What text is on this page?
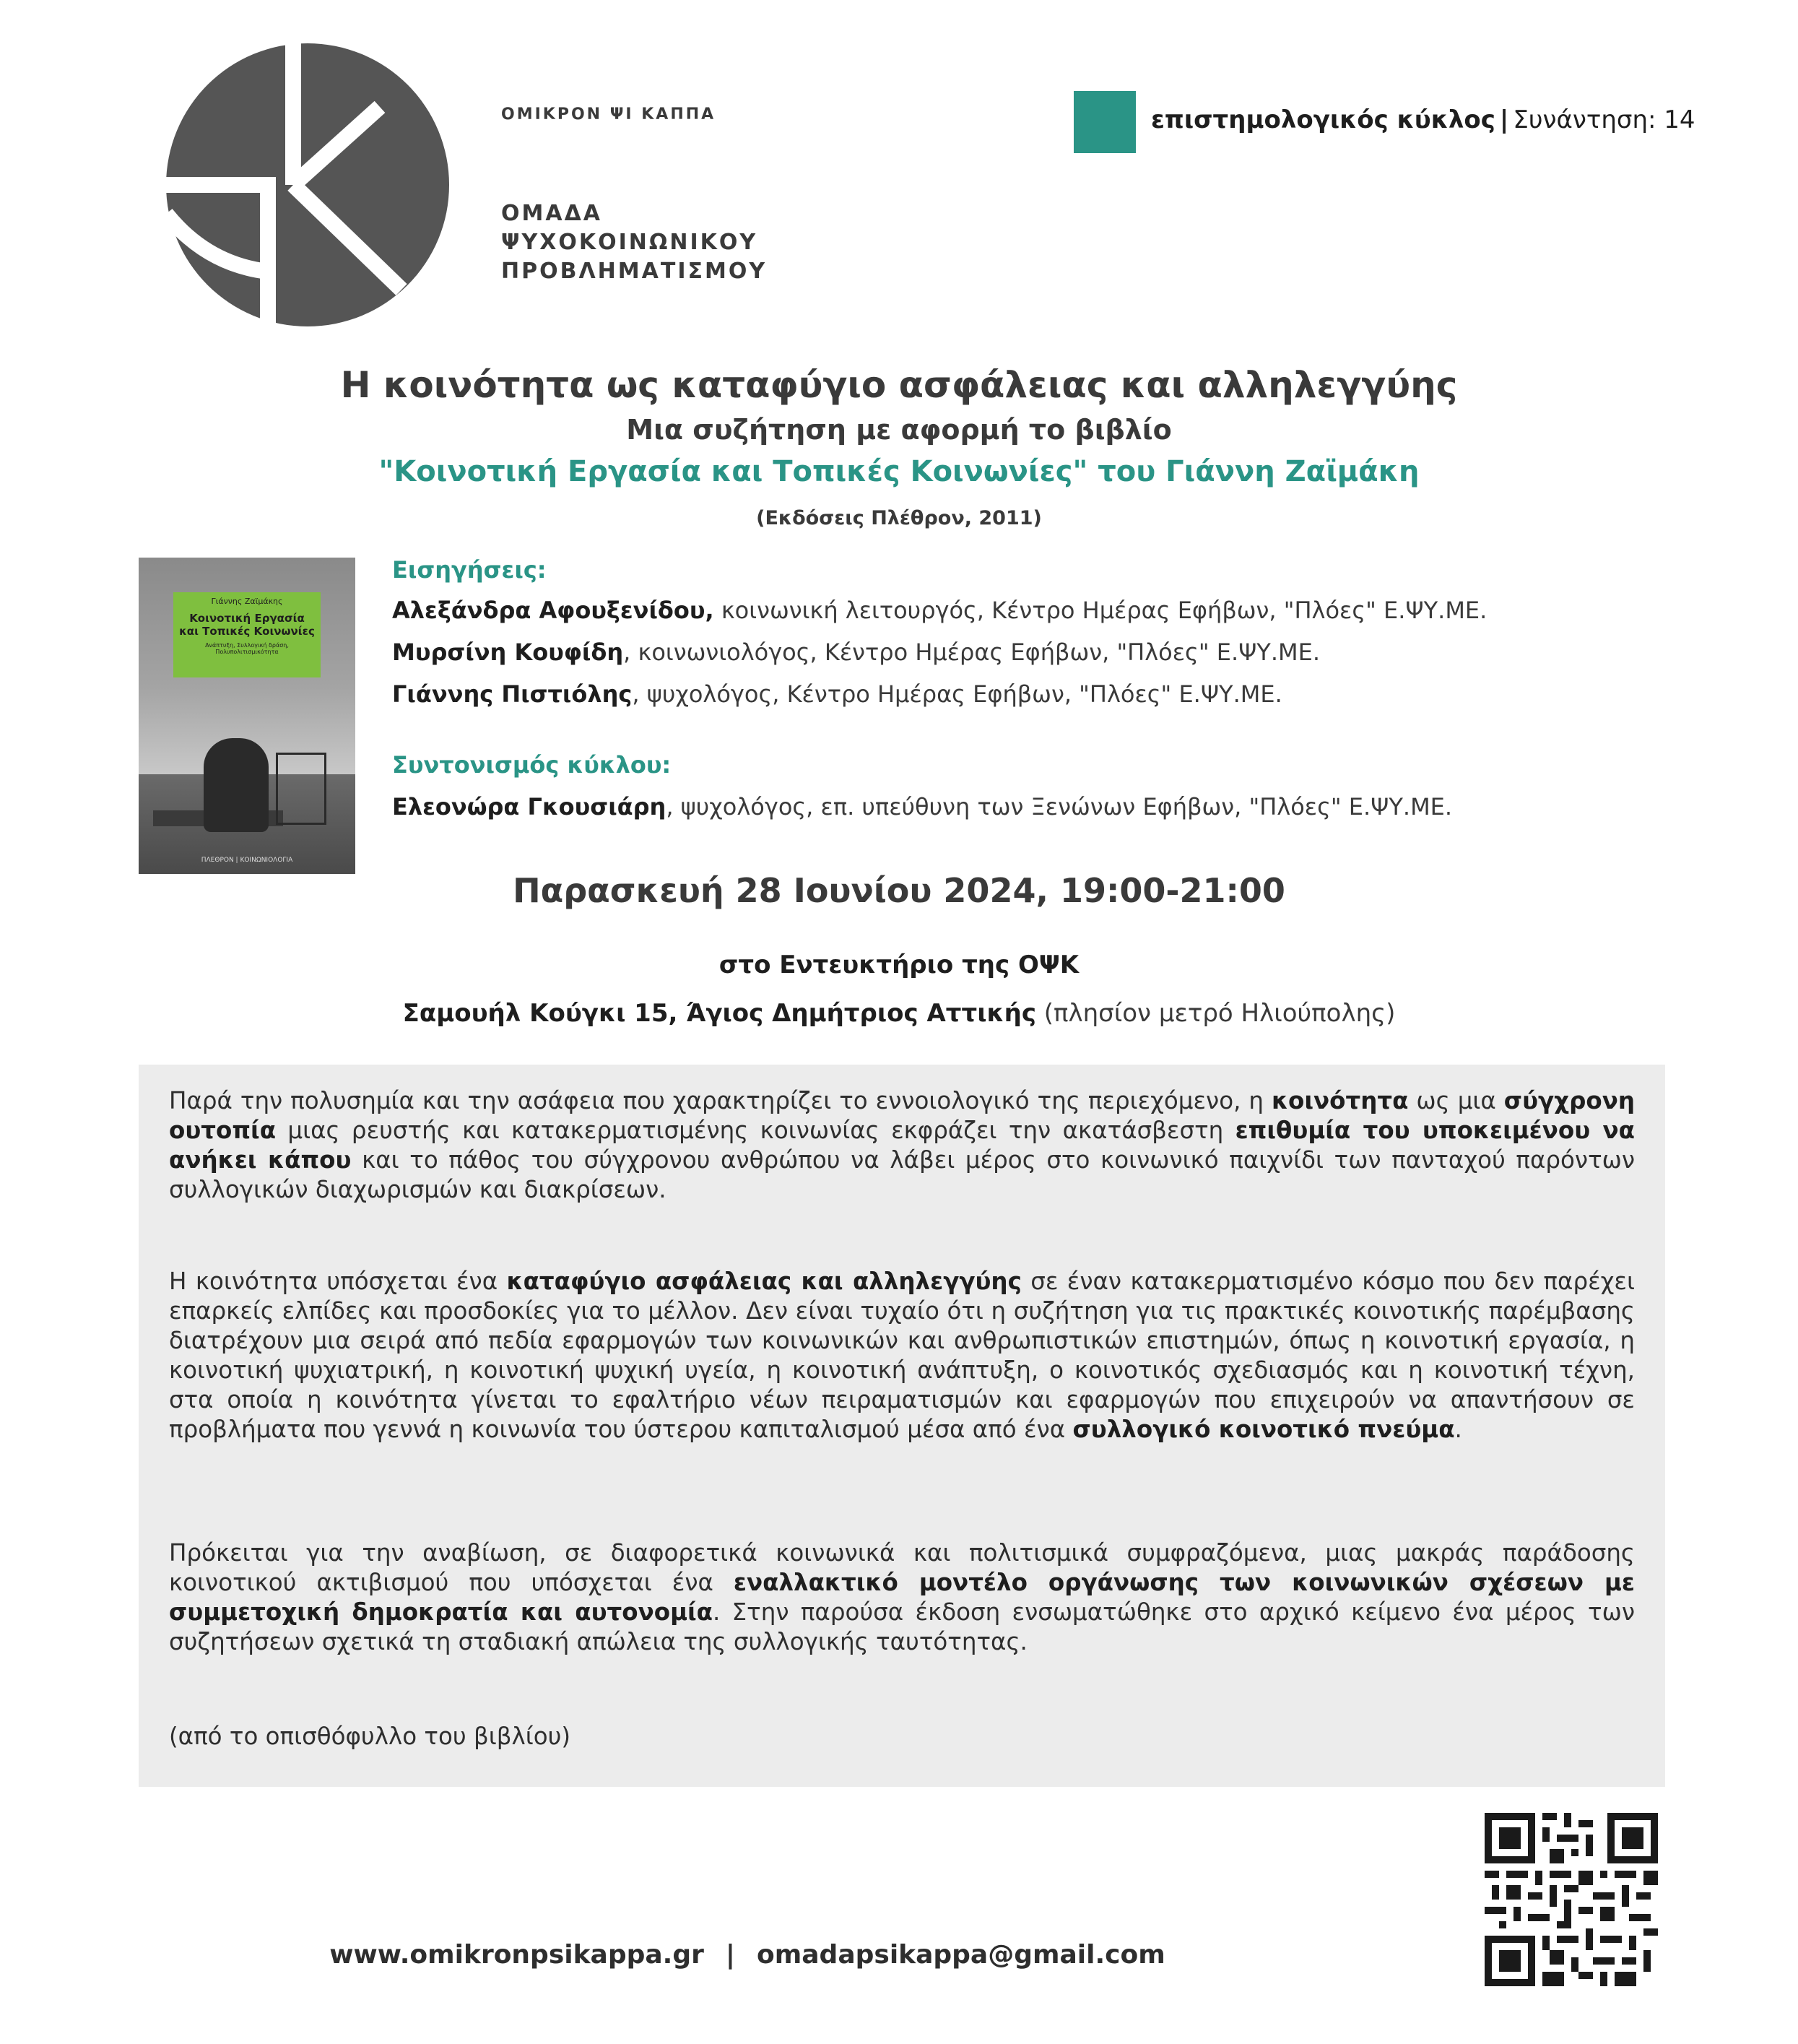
ΟΜΙΚΡΟΝ ΨΙ ΚΑΠΠΑ
ΟΜΑΔΑ
ΨΥΧΟΚΟΙΝΩΝΙΚΟΥ
ΠΡΟΒΛΗΜΑΤΙΣΜΟΥ
επιστημολογικός κύκλος | Συνάντηση: 14
Η κοινότητα ως καταφύγιο ασφάλειας και αλληλεγγύης
Μια συζήτηση με αφορμή το βιβλίο
"Κοινοτική Εργασία και Τοπικές Κοινωνίες" του Γιάννη Ζαϊμάκη
(Εκδόσεις Πλέθρον, 2011)
Γιάννης Ζαϊμάκης
Κοινοτική Εργασία
και Τοπικές Κοινωνίες
Ανάπτυξη, Συλλογική δράση, Πολυπολιτισμικότητα
ΠΛΕΘΡΟΝ | ΚΟΙΝΩΝΙΟΛΟΓΙΑ
Εισηγήσεις:
Αλεξάνδρα Αφουξενίδου, κοινωνική λειτουργός, Κέντρο Ημέρας Εφήβων, "Πλόες" Ε.ΨΥ.ΜΕ.
Μυρσίνη Κουφίδη, κοινωνιολόγος, Κέντρο Ημέρας Εφήβων, "Πλόες" Ε.ΨΥ.ΜΕ.
Γιάννης Πιστιόλης, ψυχολόγος, Κέντρο Ημέρας Εφήβων, "Πλόες" Ε.ΨΥ.ΜΕ.
Συντονισμός κύκλου:
Ελεονώρα Γκουσιάρη, ψυχολόγος, επ. υπεύθυνη των Ξενώνων Εφήβων, "Πλόες" Ε.ΨΥ.ΜΕ.
Παρασκευή 28 Ιουνίου 2024, 19:00-21:00
στο Εντευκτήριο της ΟΨΚ
Σαμουήλ Κούγκι 15, Άγιος Δημήτριος Αττικής (πλησίον μετρό Ηλιούπολης)
Παρά την πολυσημία και την ασάφεια που χαρακτηρίζει το εννοιολογικό της περιεχόμενο, η κοινότητα ως μια σύγχρονη ουτοπία μιας ρευστής και κατακερματισμένης κοινωνίας εκφράζει την ακατάσβεστη επιθυμία του υποκειμένου να ανήκει κάπου και το πάθος του σύγχρονου ανθρώπου να λάβει μέρος στο κοινωνικό παιχνίδι των πανταχού παρόντων συλλογικών διαχωρισμών και διακρίσεων.
Η κοινότητα υπόσχεται ένα καταφύγιο ασφάλειας και αλληλεγγύης σε έναν κατακερματισμένο κόσμο που δεν παρέχει επαρκείς ελπίδες και προσδοκίες για το μέλλον. Δεν είναι τυχαίο ότι η συζήτηση για τις πρακτικές κοινοτικής παρέμβασης διατρέχουν μια σειρά από πεδία εφαρμογών των κοινωνικών και ανθρωπιστικών επιστημών, όπως η κοινοτική εργασία, η κοινοτική ψυχιατρική, η κοινοτική ψυχική υγεία, η κοινοτική ανάπτυξη, ο κοινοτικός σχεδιασμός και η κοινοτική τέχνη, στα οποία η κοινότητα γίνεται το εφαλτήριο νέων πειραματισμών και εφαρμογών που επιχειρούν να απαντήσουν σε προβλήματα που γεννά η κοινωνία του ύστερου καπιταλισμού μέσα από ένα συλλογικό κοινοτικό πνεύμα.
Πρόκειται για την αναβίωση, σε διαφορετικά κοινωνικά και πολιτισμικά συμφραζόμενα, μιας μακράς παράδοσης κοινοτικού ακτιβισμού που υπόσχεται ένα εναλλακτικό μοντέλο οργάνωσης των κοινωνικών σχέσεων με συμμετοχική δημοκρατία και αυτονομία. Στην παρούσα έκδοση ενσωματώθηκε στο αρχικό κείμενο ένα μέρος των συζητήσεων σχετικά τη σταδιακή απώλεια της συλλογικής ταυτότητας.
(από το οπισθόφυλλο του βιβλίου)
www.omikronpsikappa.gr | omadapsikappa@gmail.com
